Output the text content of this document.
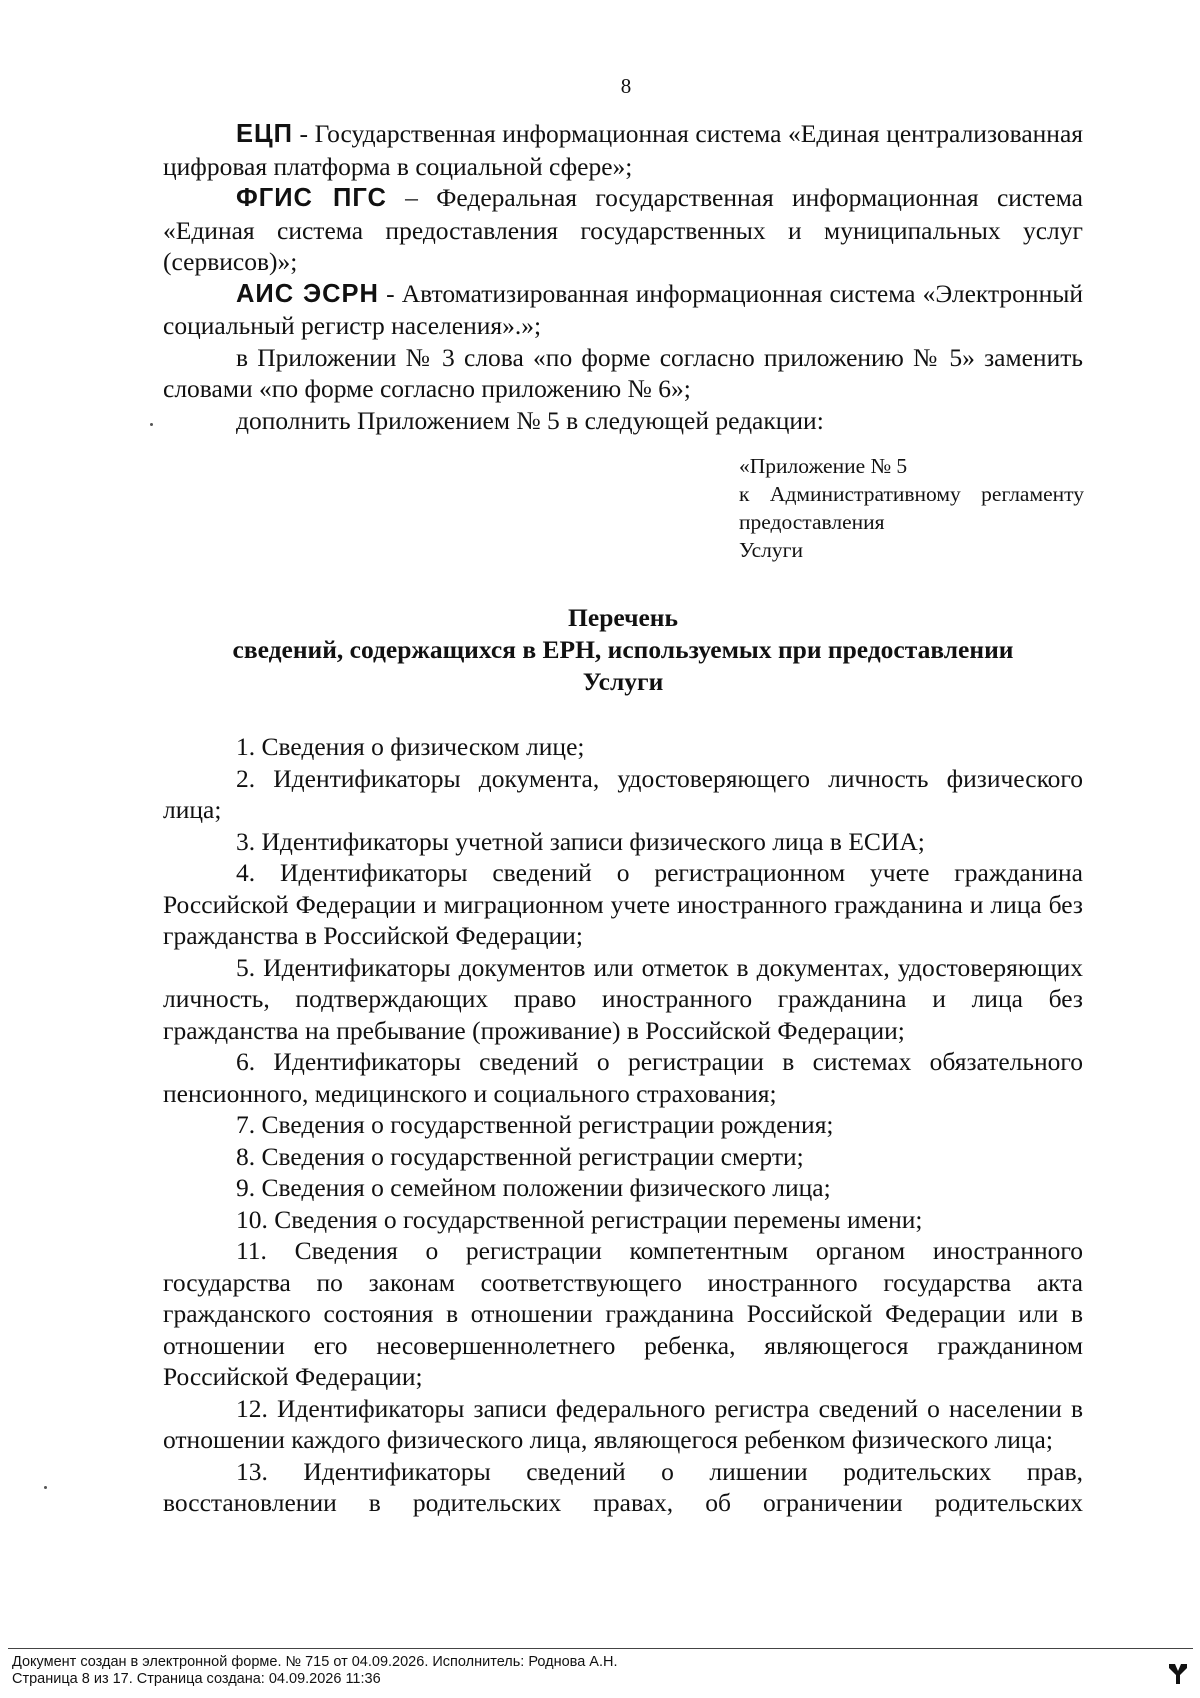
8

ЕЦП - Государственная информационная система «Единая централизованная цифровая платформа в социальной сфере»;

ФГИС ПГС – Федеральная государственная информационная система «Единая система предоставления государственных и муниципальных услуг (сервисов)»;

АИС ЭСРН - Автоматизированная информационная система «Электронный социальный регистр населения».»;

в Приложении № 3 слова «по форме согласно приложению № 5» заменить словами «по форме согласно приложению № 6»;

дополнить Приложением № 5 в следующей редакции:

«Приложение № 5
к Административному регламенту предоставления
Услуги
Перечень
сведений, содержащихся в ЕРН, используемых при предоставлении
Услуги

1. Сведения о физическом лице;

2. Идентификаторы документа, удостоверяющего личность физического лица;

3. Идентификаторы учетной записи физического лица в ЕСИА;

4. Идентификаторы сведений о регистрационном учете гражданина Российской Федерации и миграционном учете иностранного гражданина и лица без гражданства в Российской Федерации;

5. Идентификаторы документов или отметок в документах, удостоверяющих личность, подтверждающих право иностранного гражданина и лица без гражданства на пребывание (проживание) в Российской Федерации;

6. Идентификаторы сведений о регистрации в системах обязательного пенсионного, медицинского и социального страхования;

7. Сведения о государственной регистрации рождения;

8. Сведения о государственной регистрации смерти;

9. Сведения о семейном положении физического лица;

10. Сведения о государственной регистрации перемены имени;

11. Сведения о регистрации компетентным органом иностранного государства по законам соответствующего иностранного государства акта гражданского состояния в отношении гражданина Российской Федерации или в отношении его несовершеннолетнего ребенка, являющегося гражданином Российской Федерации;

12. Идентификаторы записи федерального регистра сведений о населении в отношении каждого физического лица, являющегося ребенком физического лица;

13. Идентификаторы сведений о лишении родительских прав, восстановлении в родительских правах, об ограничении родительских

Документ создан в электронной форме. № 715 от 04.09.2026. Исполнитель: Роднова А.Н.
Страница 8 из 17. Страница создана: 04.09.2026 11:36
